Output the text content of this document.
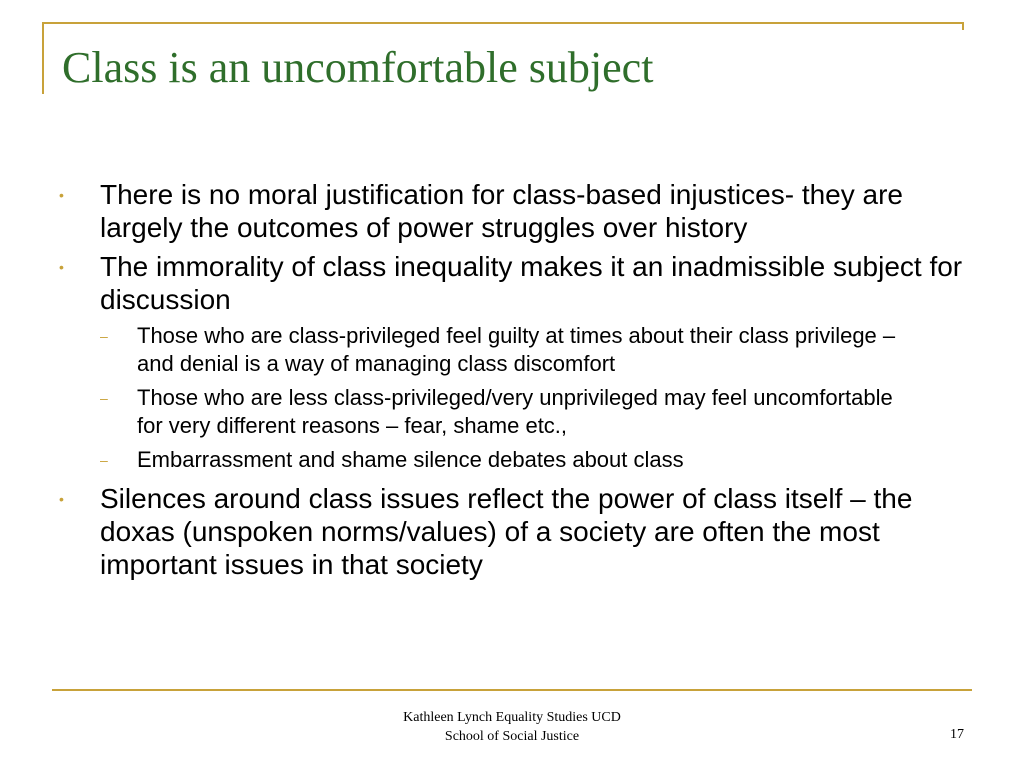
Class is an uncomfortable subject
• There is no moral justification for class-based injustices- they are largely the outcomes of power struggles over history
• The immorality of class inequality makes it an inadmissible subject for discussion
– Those who are class-privileged feel guilty at times about their class privilege – and denial is a way of managing class discomfort
– Those who are less class-privileged/very unprivileged may feel uncomfortable for very different reasons – fear, shame etc.,
– Embarrassment and shame silence debates about class
• Silences around class issues reflect the power of class itself – the doxas (unspoken norms/values) of a society are often the most important issues in that society
Kathleen Lynch Equality Studies UCD
School of Social Justice	17
